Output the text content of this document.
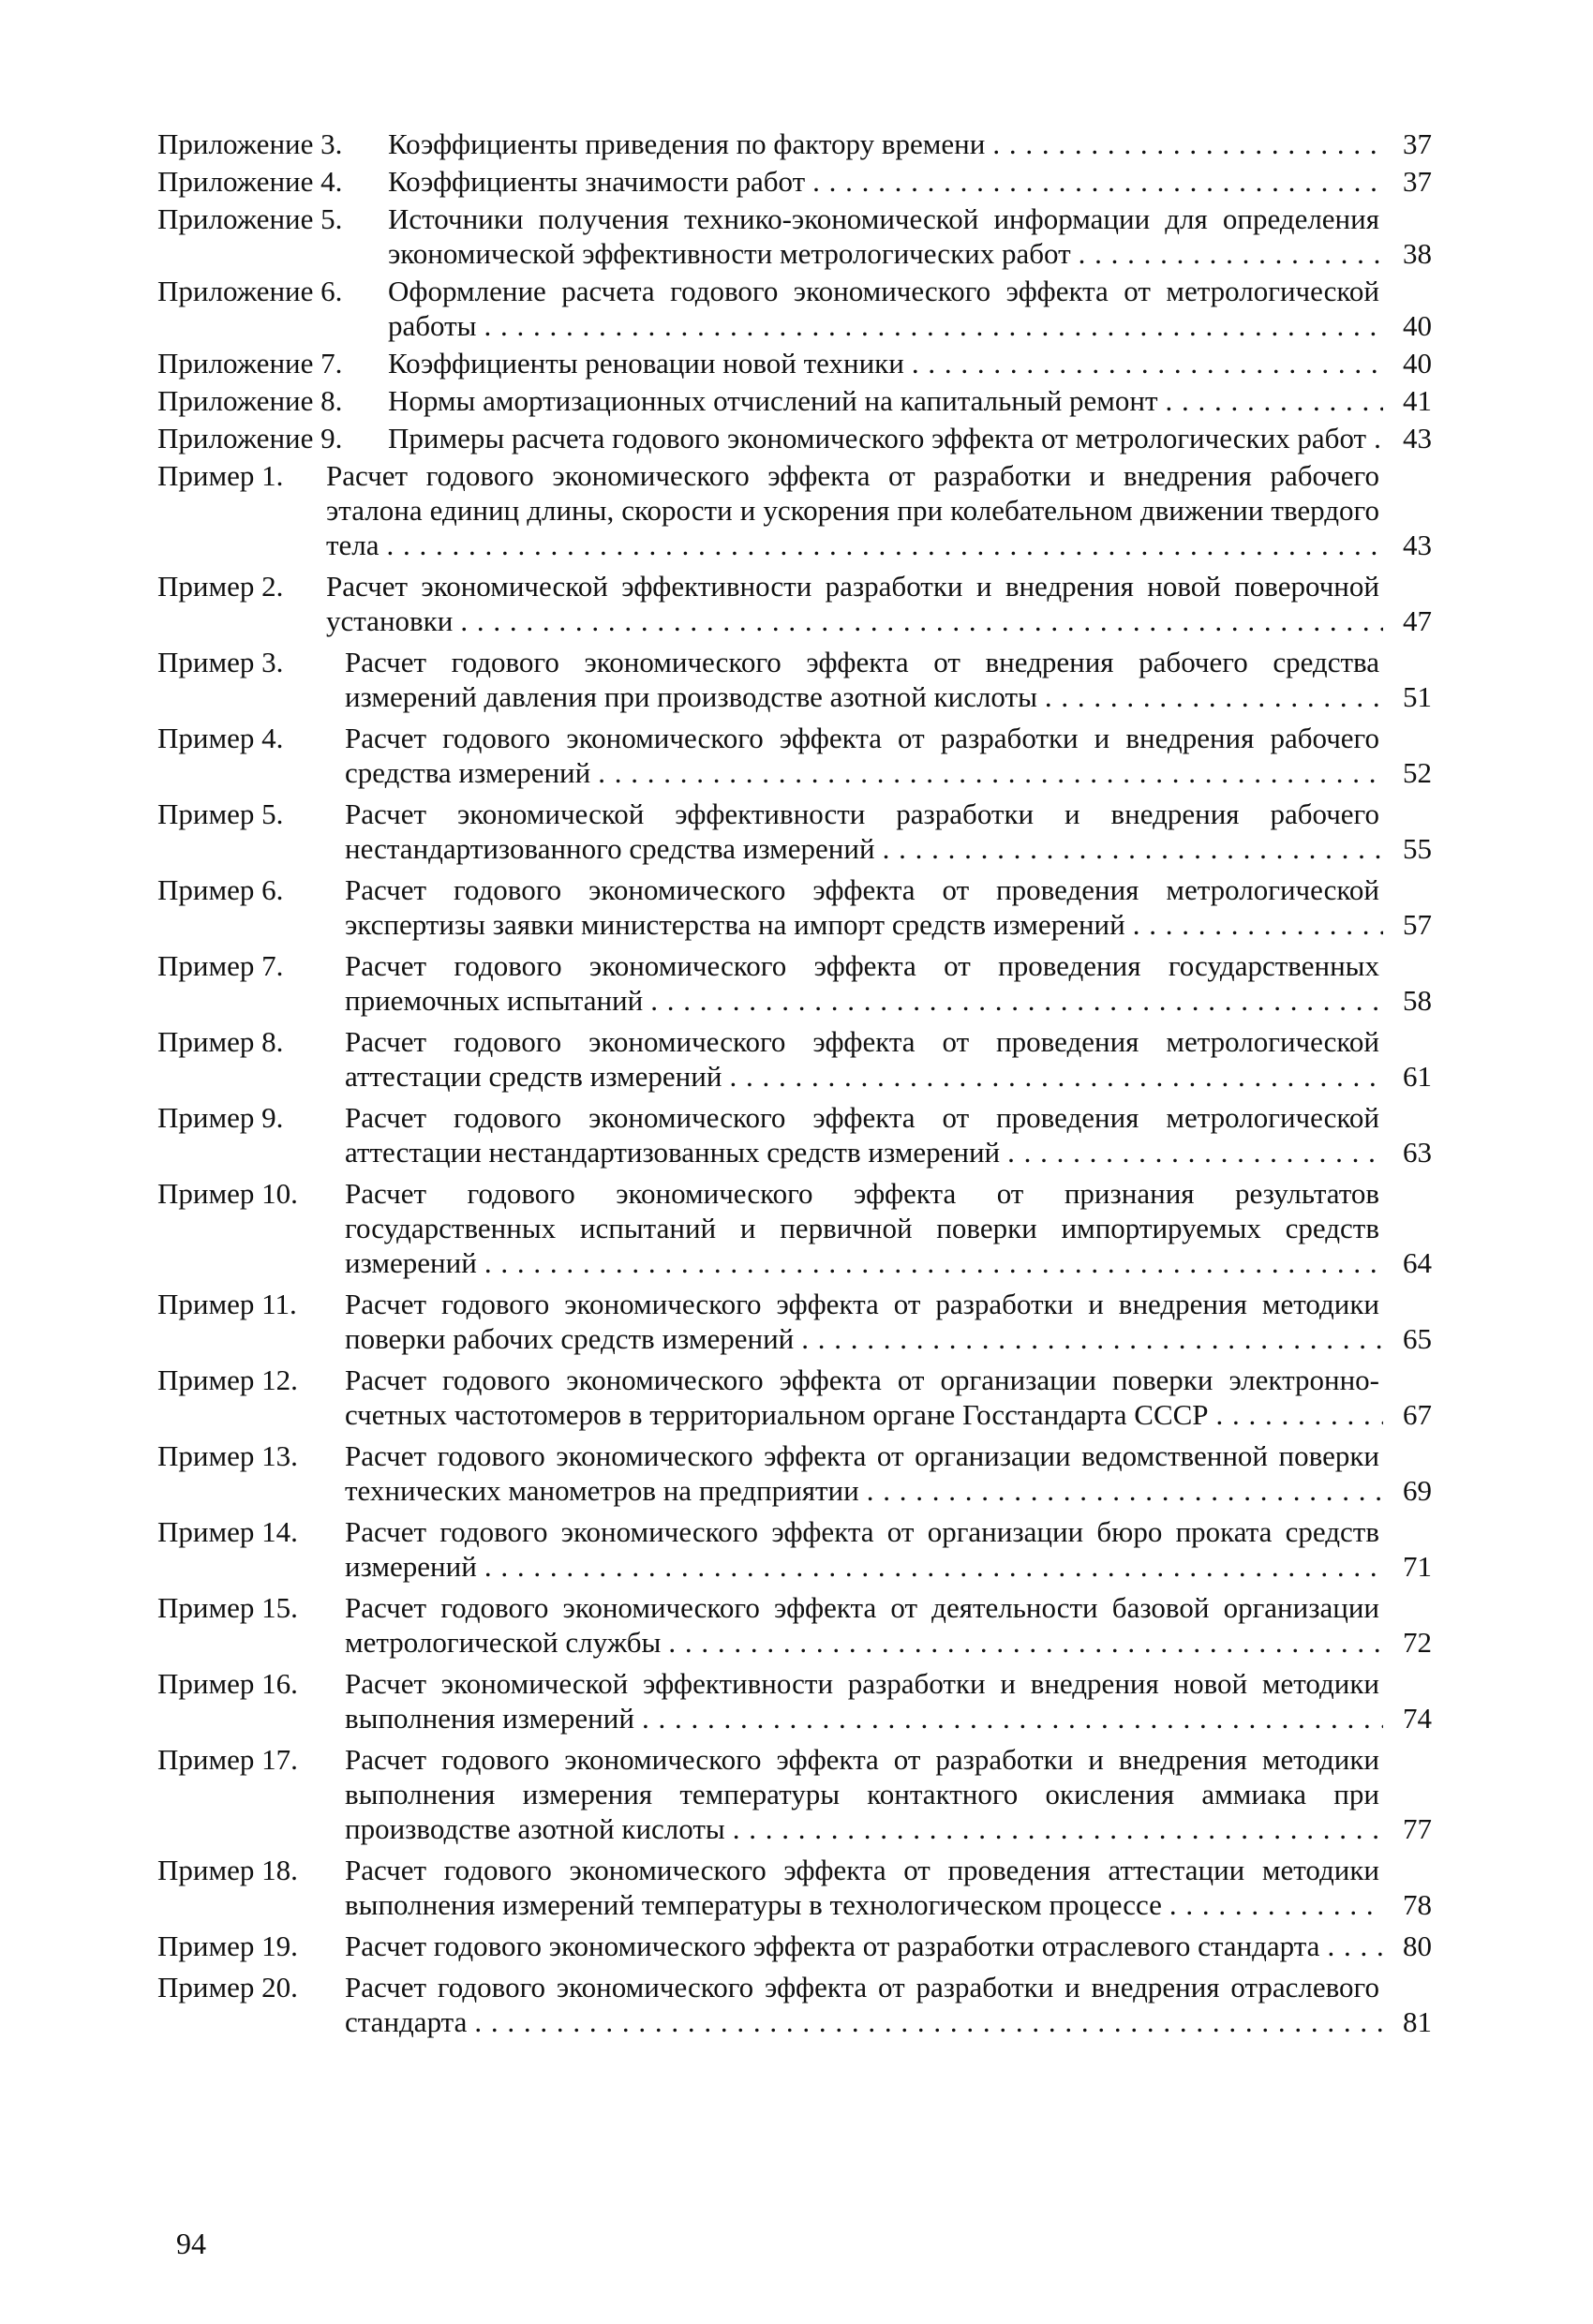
Приложение 3.	Коэффициенты приведения по фактору времени . . .	37
Приложение 4.	Коэффициенты значимости работ . . .	37
Приложение 5.	Источники получения технико-экономической информации для определения экономической эффективности метрологических работ . . .	38
Приложение 6.	Оформление расчета годового экономического эффекта от метрологической работы . . .	40
Приложение 7.	Коэффициенты реновации новой техники . . .	40
Приложение 8.	Нормы амортизационных отчислений на капитальный ремонт . . .	41
Приложение 9.	Примеры расчета годового экономического эффекта от метрологических работ . . .	43
Пример 1.	Расчет годового экономического эффекта от разработки и внедрения рабочего эталона единиц длины, скорости и ускорения при колебательном движении твердого тела . . .	43
Пример 2.	Расчет экономической эффективности разработки и внедрения новой поверочной установки . . .	47
Пример 3.	Расчет годового экономического эффекта от внедрения рабочего средства измерений давления при производстве азотной кислоты . . .	51
Пример 4.	Расчет годового экономического эффекта от разработки и внедрения рабочего средства измерений . . .	52
Пример 5.	Расчет экономической эффективности разработки и внедрения рабочего нестандартизованного средства измерений . . .	55
Пример 6.	Расчет годового экономического эффекта от проведения метрологической экспертизы заявки министерства на импорт средств измерений . . .	57
Пример 7.	Расчет годового экономического эффекта от проведения государственных приемочных испытаний . . .	58
Пример 8.	Расчет годового экономического эффекта от проведения метрологической аттестации средств измерений . . .	61
Пример 9.	Расчет годового экономического эффекта от проведения метрологической аттестации нестандартизованных средств измерений . . .	63
Пример 10.	Расчет годового экономического эффекта от признания результатов государственных испытаний и первичной поверки импортируемых средств измерений . . .	64
Пример 11.	Расчет годового экономического эффекта от разработки и внедрения методики поверки рабочих средств измерений . . .	65
Пример 12.	Расчет годового экономического эффекта от организации поверки электронно-счетных частотомеров в территориальном органе Госстандарта СССР . . .	67
Пример 13.	Расчет годового экономического эффекта от организации ведомственной поверки технических манометров на предприятии . . .	69
Пример 14.	Расчет годового экономического эффекта от организации бюро проката средств измерений . . .	71
Пример 15.	Расчет годового экономического эффекта от деятельности базовой организации метрологической службы . . .	72
Пример 16.	Расчет экономической эффективности разработки и внедрения новой методики выполнения измерений . . .	74
Пример 17.	Расчет годового экономического эффекта от разработки и внедрения методики выполнения измерения температуры контактного окисления аммиака при производстве азотной кислоты . . .	77
Пример 18.	Расчет годового экономического эффекта от проведения аттестации методики выполнения измерений температуры в технологическом процессе . . .	78
Пример 19.	Расчет годового экономического эффекта от разработки отраслевого стандарта . . .	80
Пример 20.	Расчет годового экономического эффекта от разработки и внедрения отраслевого стандарта . . .	81
94
